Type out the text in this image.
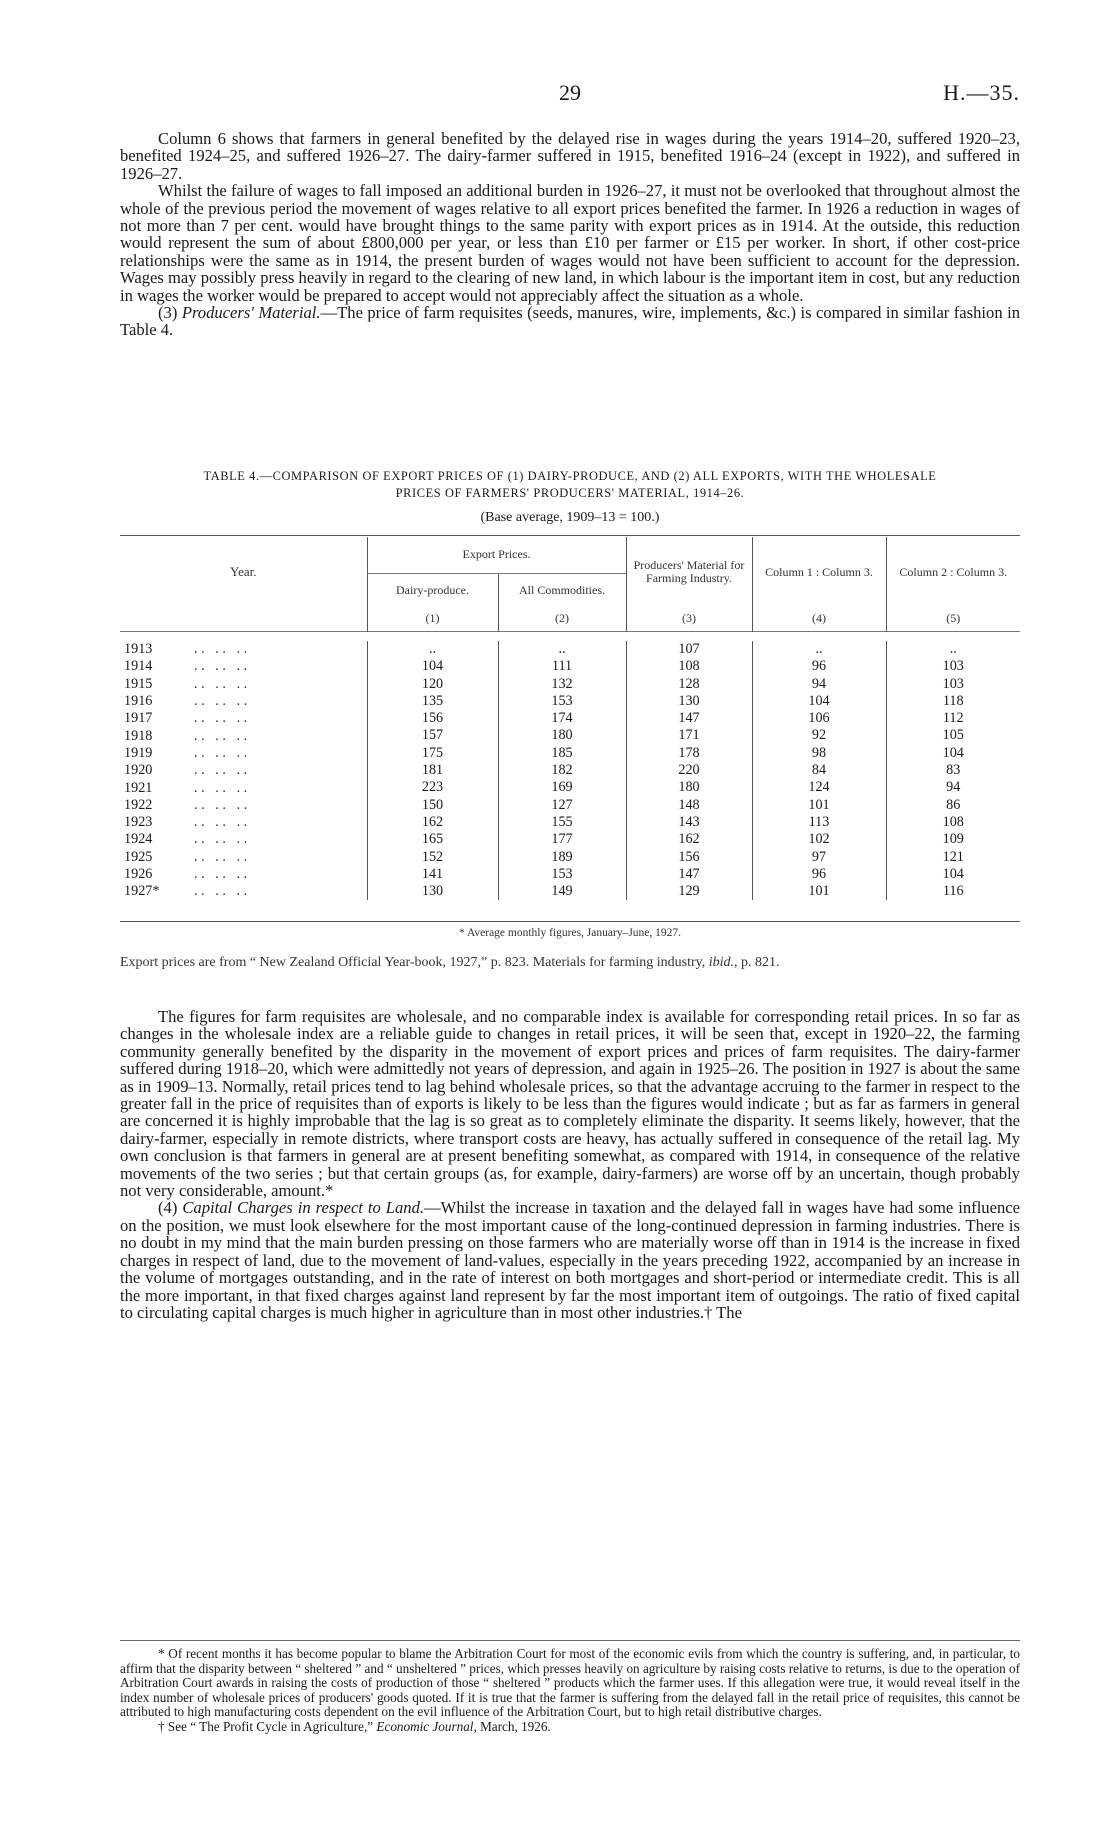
29	H.—35.

Column 6 shows that farmers in general benefited by the delayed rise in wages during the years 1914–20, suffered 1920–23, benefited 1924–25, and suffered 1926–27. The dairy-farmer suffered in 1915, benefited 1916–24 (except in 1922), and suffered in 1926–27.

Whilst the failure of wages to fall imposed an additional burden in 1926–27, it must not be overlooked that throughout almost the whole of the previous period the movement of wages relative to all export prices benefited the farmer. In 1926 a reduction in wages of not more than 7 per cent. would have brought things to the same parity with export prices as in 1914. At the outside, this reduction would represent the sum of about £800,000 per year, or less than £10 per farmer or £15 per worker. In short, if other cost-price relationships were the same as in 1914, the present burden of wages would not have been sufficient to account for the depression. Wages may possibly press heavily in regard to the clearing of new land, in which labour is the important item in cost, but any reduction in wages the worker would be prepared to accept would not appreciably affect the situation as a whole.

(3) Producers' Material.—The price of farm requisites (seeds, manures, wire, implements, &c.) is compared in similar fashion in Table 4.

TABLE 4.—COMPARISON OF EXPORT PRICES OF (1) DAIRY-PRODUCE, AND (2) ALL EXPORTS, WITH THE WHOLESALE
PRICES OF FARMERS' PRODUCERS' MATERIAL, 1914–26.
(Base average, 1909–13 = 100.)
Year.	Export Prices.		Producers' Material for Farming Industry.	Column 1 : Column 3.	Column 2 : Column 3.
	Dairy-produce.	All Commodities.			
	(1)	(2)	(3)	(4)	(5)

1913 . .   . .   . .	..	..	107	..	..
1914 . .   . .   . .	104	111	108	96	103
1915 . .   . .   . .	120	132	128	94	103
1916 . .   . .   . .	135	153	130	104	118
1917 . .   . .   . .	156	174	147	106	112
1918 . .   . .   . .	157	180	171	92	105
1919 . .   . .   . .	175	185	178	98	104
1920 . .   . .   . .	181	182	220	84	83
1921 . .   . .   . .	223	169	180	124	94
1922 . .   . .   . .	150	127	148	101	86
1923 . .   . .   . .	162	155	143	113	108
1924 . .   . .   . .	165	177	162	102	109
1925 . .   . .   . .	152	189	156	97	121
1926 . .   . .   . .	141	153	147	96	104
1927* . .   . .   . .	130	149	129	101	116
* Average monthly figures, January–June, 1927.
Export prices are from “ New Zealand Official Year-book, 1927,” p. 823. Materials for farming industry, ibid., p. 821.

The figures for farm requisites are wholesale, and no comparable index is available for corresponding retail prices. In so far as changes in the wholesale index are a reliable guide to changes in retail prices, it will be seen that, except in 1920–22, the farming community generally benefited by the disparity in the movement of export prices and prices of farm requisites. The dairy-farmer suffered during 1918–20, which were admittedly not years of depression, and again in 1925–26. The position in 1927 is about the same as in 1909–13. Normally, retail prices tend to lag behind wholesale prices, so that the advantage accruing to the farmer in respect to the greater fall in the price of requisites than of exports is likely to be less than the figures would indicate ; but as far as farmers in general are concerned it is highly improbable that the lag is so great as to completely eliminate the disparity. It seems likely, however, that the dairy-farmer, especially in remote districts, where transport costs are heavy, has actually suffered in consequence of the retail lag. My own conclusion is that farmers in general are at present benefiting somewhat, as compared with 1914, in consequence of the relative movements of the two series ; but that certain groups (as, for example, dairy-farmers) are worse off by an uncertain, though probably not very considerable, amount.*

(4) Capital Charges in respect to Land.—Whilst the increase in taxation and the delayed fall in wages have had some influence on the position, we must look elsewhere for the most important cause of the long-continued depression in farming industries. There is no doubt in my mind that the main burden pressing on those farmers who are materially worse off than in 1914 is the increase in fixed charges in respect of land, due to the movement of land-values, especially in the years preceding 1922, accompanied by an increase in the volume of mortgages outstanding, and in the rate of interest on both mortgages and short-period or intermediate credit. This is all the more important, in that fixed charges against land represent by far the most important item of outgoings. The ratio of fixed capital to circulating capital charges is much higher in agriculture than in most other industries.† The

* Of recent months it has become popular to blame the Arbitration Court for most of the economic evils from which the country is suffering, and, in particular, to affirm that the disparity between “ sheltered ” and “ unsheltered ” prices, which presses heavily on agriculture by raising costs relative to returns, is due to the operation of Arbitration Court awards in raising the costs of production of those “ sheltered ” products which the farmer uses. If this allegation were true, it would reveal itself in the index number of wholesale prices of producers' goods quoted. If it is true that the farmer is suffering from the delayed fall in the retail price of requisites, this cannot be attributed to high manufacturing costs dependent on the evil influence of the Arbitration Court, but to high retail distributive charges.

† See “ The Profit Cycle in Agriculture,” Economic Journal, March, 1926.
